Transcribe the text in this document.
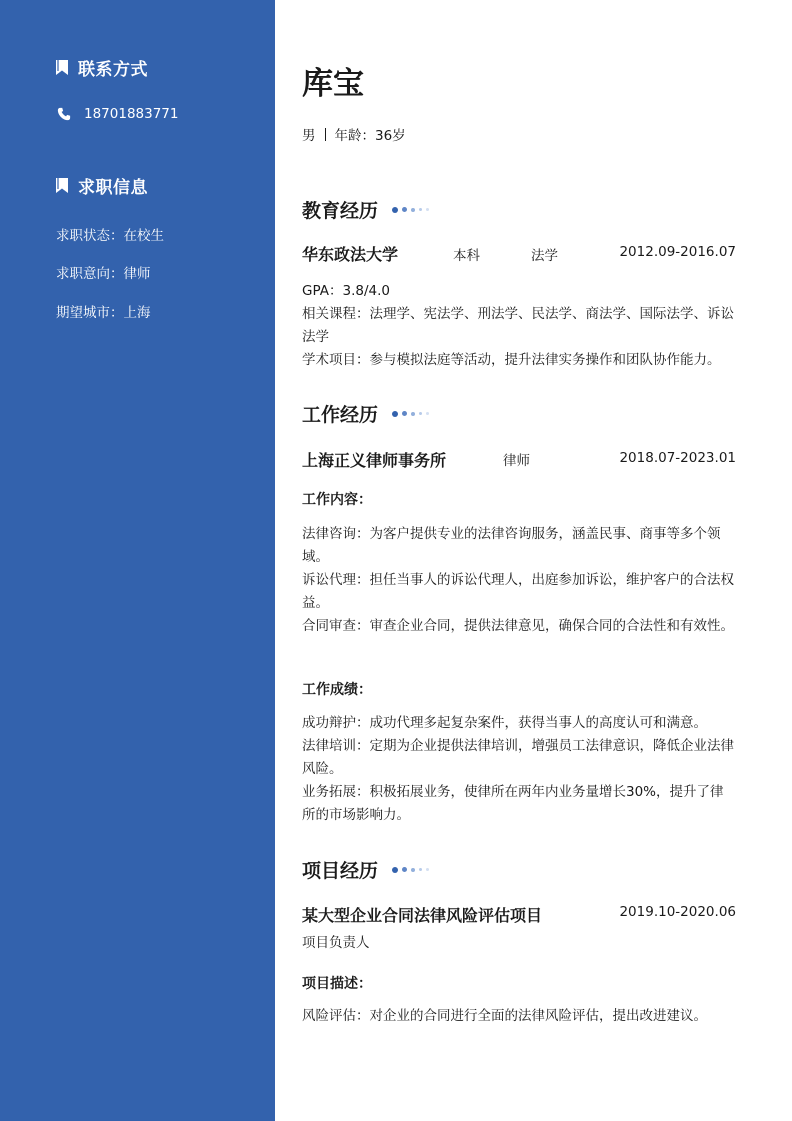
联系方式
18701883771
求职信息
求职状态：在校生
求职意向：律师
期望城市：上海
库宝
男 年龄：36岁
教育经历
华东政法大学	本科	法学	2012.09-2016.07
GPA：3.8/4.0
相关课程：法理学、宪法学、刑法学、民法学、商法学、国际法学、诉讼法学
学术项目：参与模拟法庭等活动，提升法律实务操作和团队协作能力。
工作经历
上海正义律师事务所	律师	2018.07-2023.01
工作内容：
法律咨询：为客户提供专业的法律咨询服务，涵盖民事、商事等多个领域。
诉讼代理：担任当事人的诉讼代理人，出庭参加诉讼，维护客户的合法权益。
合同审查：审查企业合同，提供法律意见，确保合同的合法性和有效性。
工作成绩：
成功辩护：成功代理多起复杂案件，获得当事人的高度认可和满意。
法律培训：定期为企业提供法律培训，增强员工法律意识，降低企业法律风险。
业务拓展：积极拓展业务，使律所在两年内业务量增长30%，提升了律所的市场影响力。
项目经历
某大型企业合同法律风险评估项目	2019.10-2020.06
项目负责人
项目描述：
风险评估：对企业的合同进行全面的法律风险评估，提出改进建议。
